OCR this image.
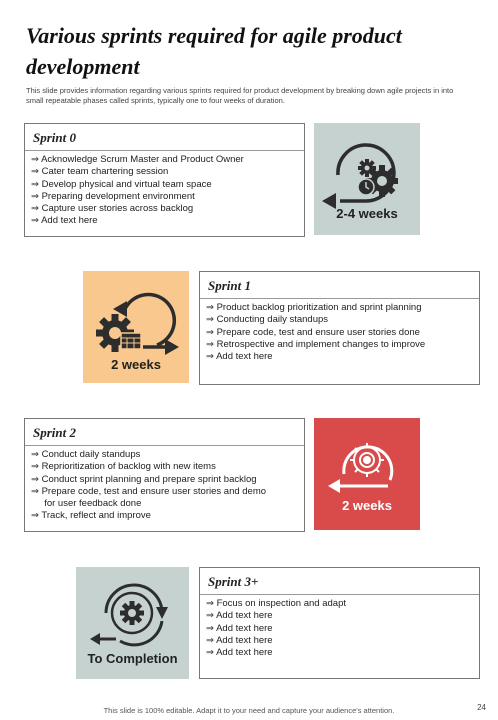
Various sprints required for agile product development
This slide provides information regarding various sprints required for product development by breaking down agile projects in into small repeatable phases called sprints, typically one to four weeks of duration.
Sprint 0
⇒ Acknowledge Scrum Master and Product Owner
⇒ Cater team chartering session
⇒ Develop physical and virtual team space
⇒ Preparing development environment
⇒ Capture user stories across backlog
⇒ Add text here	2-4 weeks
2 weeks
Sprint 1
⇒ Product backlog prioritization and sprint planning
⇒ Conducting daily standups
⇒ Prepare code, test and ensure user stories done
⇒ Retrospective and implement changes to improve
⇒ Add text here
Sprint 2
⇒ Conduct daily standups
⇒ Reprioritization of backlog with new items
⇒ Conduct sprint planning and prepare sprint backlog
⇒ Prepare code, test and ensure user stories and demo
for user feedback done
⇒ Track, reflect and improve
2 weeks
To Completion
Sprint 3+
⇒ Focus on inspection and adapt
⇒ Add text here
⇒ Add text here
⇒ Add text here
⇒ Add text here
This slide is 100% editable. Adapt it to your need and capture your audience's attention.	24
